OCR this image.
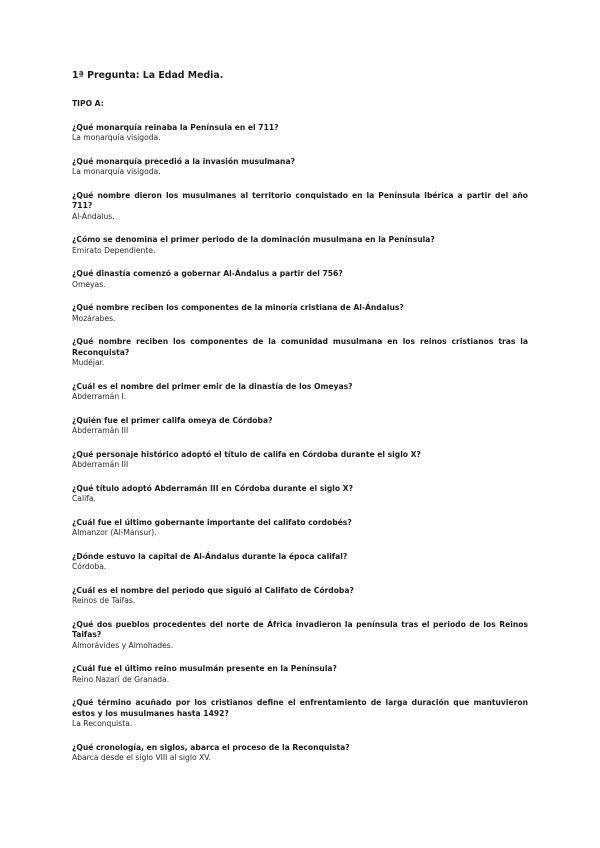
1ª Pregunta: La Edad Media.
TIPO A:
¿Qué monarquía reinaba la Península en el 711?
La monarquía visigoda.
¿Qué monarquía precedió a la invasión musulmana?
La monarquía visigoda.
¿Qué nombre dieron los musulmanes al territorio conquistado en la Península Ibérica a partir del año 711?
Al-Ándalus.
¿Cómo se denomina el primer periodo de la dominación musulmana en la Península?
Emirato Dependiente.
¿Qué dinastía comenzó a gobernar Al-Ándalus a partir del 756?
Omeyas.
¿Qué nombre reciben los componentes de la minoría cristiana de Al-Ándalus?
Mozárabes.
¿Qué nombre reciben los componentes de la comunidad musulmana en los reinos cristianos tras la Reconquista?
Mudéjar.
¿Cuál es el nombre del primer emir de la dinastía de los Omeyas?
Abderramán I.
¿Quién fue el primer califa omeya de Córdoba?
Abderramán III
¿Qué personaje histórico adoptó el título de califa en Córdoba durante el siglo X?
Abderramán III
¿Qué título adoptó Abderramán III en Córdoba durante el siglo X?
Califa.
¿Cuál fue el último gobernante importante del califato cordobés?
Almanzor (Al-Mansur).
¿Dónde estuvo la capital de Al-Ándalus durante la época califal?
Córdoba.
¿Cuál es el nombre del periodo que siguió al Califato de Córdoba?
Reinos de Taifas.
¿Qué dos pueblos procedentes del norte de África invadieron la península tras el periodo de los Reinos Taifas?
Almorávides y Almohades.
¿Cuál fue el último reino musulmán presente en la Península?
Reino Nazarí de Granada.
¿Qué término acuñado por los cristianos define el enfrentamiento de larga duración que mantuvieron estos y los musulmanes hasta 1492?
La Reconquista.
¿Qué cronología, en siglos, abarca el proceso de la Reconquista?
Abarca desde el siglo VIII al siglo XV.
